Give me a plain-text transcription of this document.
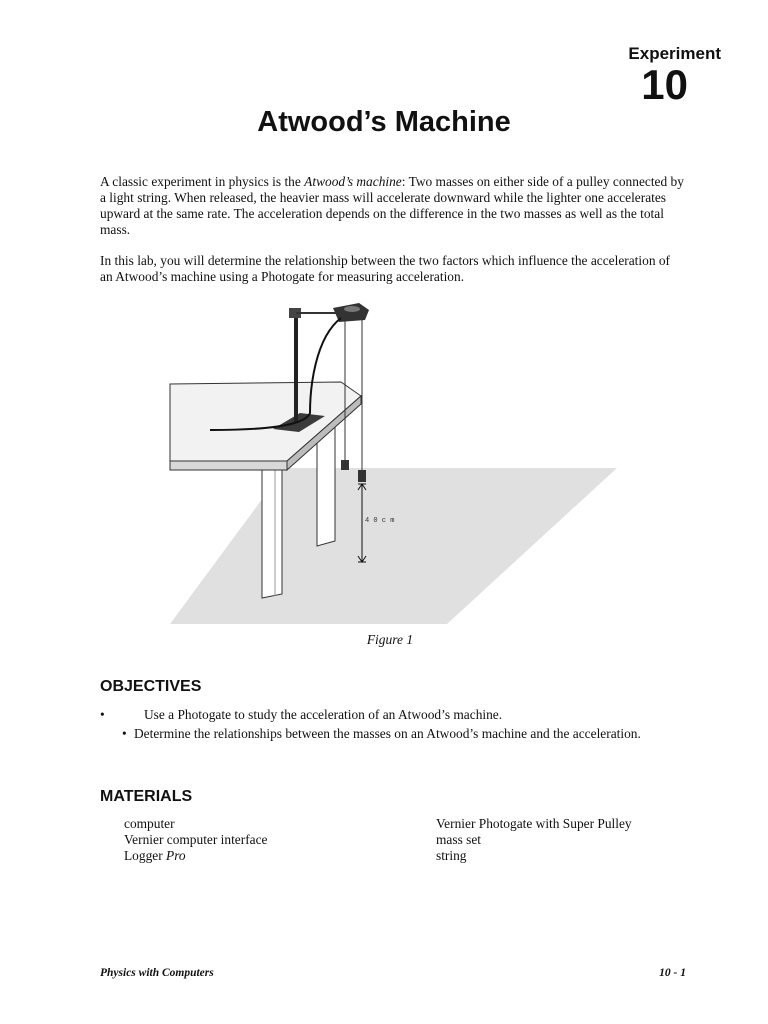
Experiment
10
Atwood’s Machine
A classic experiment in physics is the Atwood’s machine: Two masses on either side of a pulley connected by a light string. When released, the heavier mass will accelerate downward while the lighter one accelerates upward at the same rate. The acceleration depends on the difference in the two masses as well as the total mass.
In this lab, you will determine the relationship between the two factors which influence the acceleration of an Atwood’s machine using a Photogate for measuring acceleration.
4 0 c m
Figure 1
OBJECTIVES
•	Use a Photogate to study the acceleration of an Atwood’s machine.
• Determine the relationships between the masses on an Atwood’s machine and the acceleration.
MATERIALS
computer
Vernier computer interface
Logger Pro
Vernier Photogate with Super Pulley
mass set
string
Physics with Computers	10 - 1
